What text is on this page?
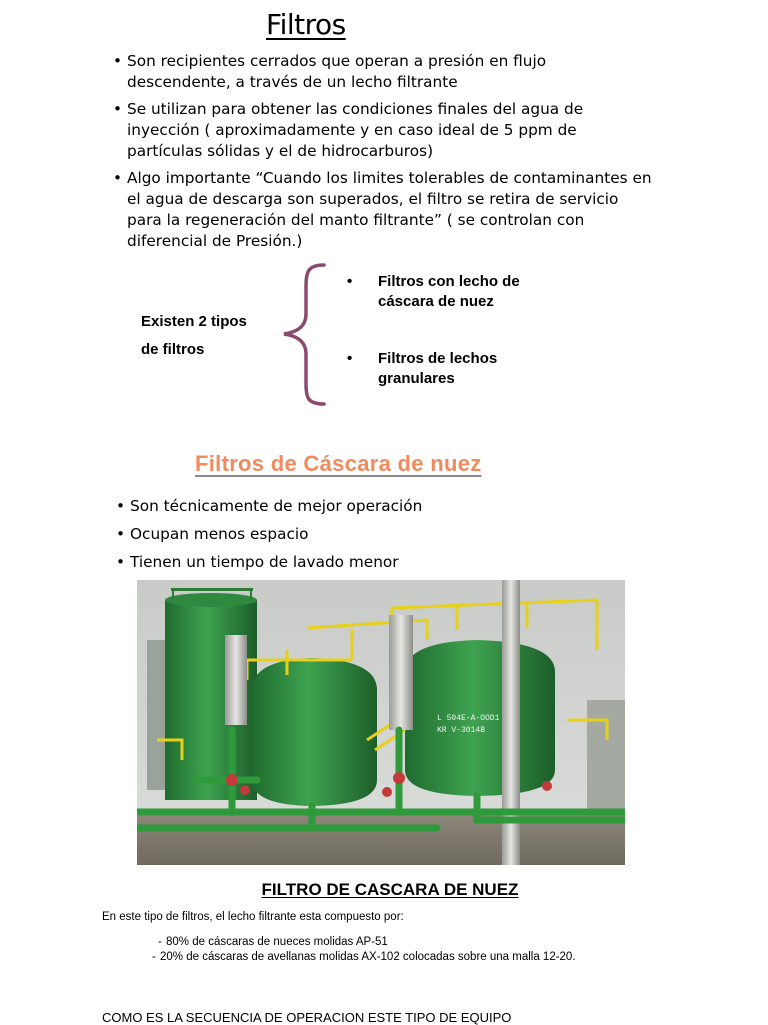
Filtros
• Son recipientes cerrados que operan a presión en flujo descendente, a través de un lecho filtrante
• Se utilizan para obtener las condiciones finales del agua de inyección ( aproximadamente y en caso ideal de 5 ppm de partículas sólidas y el de hidrocarburos)
• Algo importante “Cuando los limites tolerables de contaminantes en el agua de descarga son superados, el filtro se retira de servicio para la regeneración del manto filtrante” ( se controlan con diferencial de Presión.)
Existen 2 tipos
de filtros
• Filtros con lecho de cáscara de nuez
• Filtros de lechos granulares
Filtros de Cáscara de nuez
• Son técnicamente de mejor operación
• Ocupan menos espacio
• Tienen un tiempo de lavado menor
L 504E-A-OOD1
KR V-3014B
FILTRO DE CASCARA DE NUEZ
En este tipo de filtros, el lecho filtrante esta compuesto por:
- 80% de cáscaras de nueces molidas AP-51
- 20% de cáscaras de avellanas molidas AX-102 colocadas sobre una malla 12-20.
COMO ES LA SECUENCIA DE OPERACION ESTE TIPO DE EQUIPO
